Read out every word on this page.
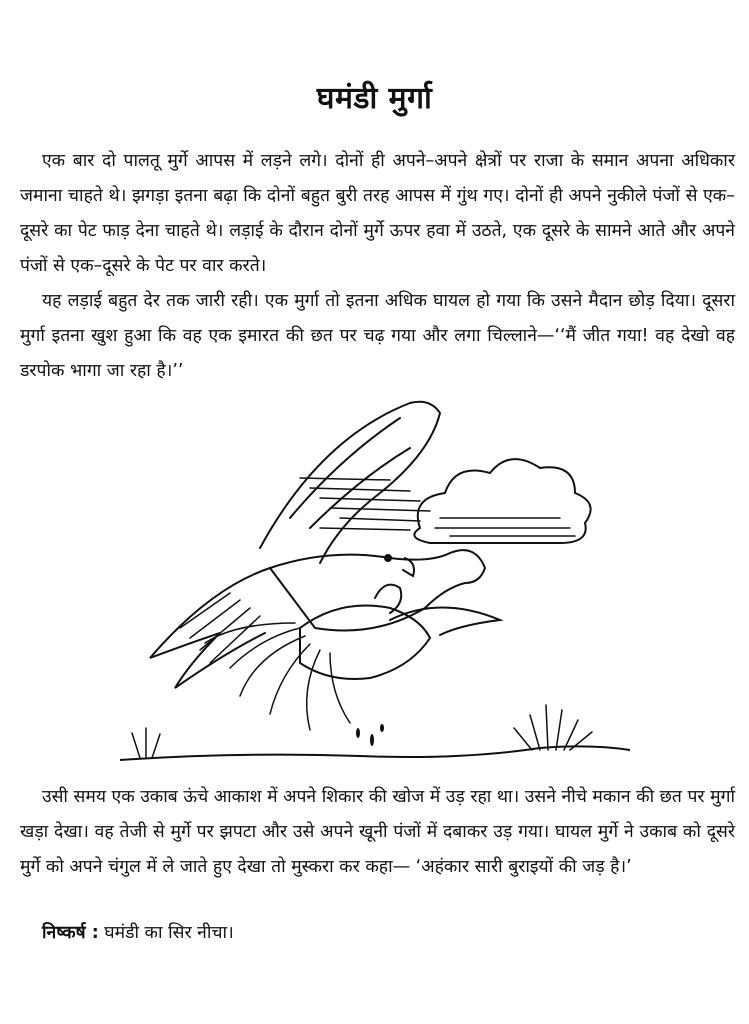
घमंडी मुर्गा

एक बार दो पालतू मुर्गे आपस में लड़ने लगे। दोनों ही अपने–अपने क्षेत्रों पर राजा के समान अपना अधिकार जमाना चाहते थे। झगड़ा इतना बढ़ा कि दोनों बहुत बुरी तरह आपस में गुंथ गए। दोनों ही अपने नुकीले पंजों से एक–दूसरे का पेट फाड़ देना चाहते थे। लड़ाई के दौरान दोनों मुर्गे ऊपर हवा में उठते, एक दूसरे के सामने आते और अपने पंजों से एक–दूसरे के पेट पर वार करते।

यह लड़ाई बहुत देर तक जारी रही। एक मुर्गा तो इतना अधिक घायल हो गया कि उसने मैदान छोड़ दिया। दूसरा मुर्गा इतना खुश हुआ कि वह एक इमारत की छत पर चढ़ गया और लगा चिल्लाने—‘‘मैं जीत गया! वह देखो वह डरपोक भागा जा रहा है।’’

उसी समय एक उकाब ऊंचे आकाश में अपने शिकार की खोज में उड़ रहा था। उसने नीचे मकान की छत पर मुर्गा खड़ा देखा। वह तेजी से मुर्गे पर झपटा और उसे अपने खूनी पंजों में दबाकर उड़ गया। घायल मुर्गे ने उकाब को दूसरे मुर्गे को अपने चंगुल में ले जाते हुए देखा तो मुस्करा कर कहा— ‘अहंकार सारी बुराइयों की जड़ है।’

निष्कर्ष : घमंडी का सिर नीचा।
